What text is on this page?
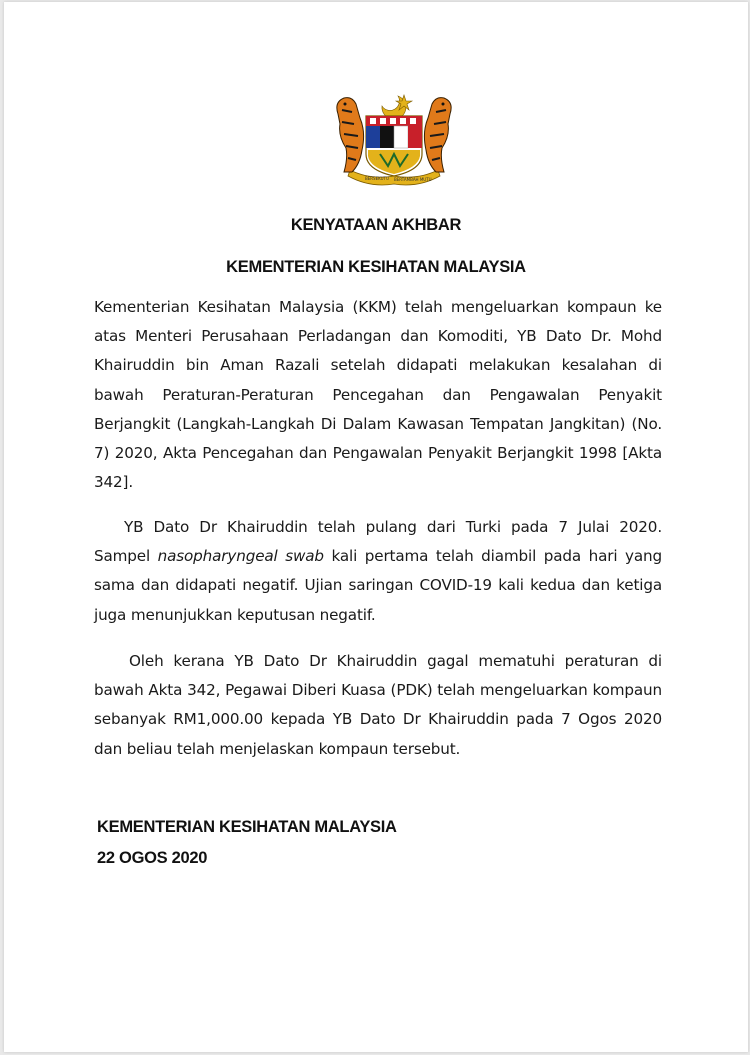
BERSEKUTU BERTAMBAH MUTU
KENYATAAN AKHBAR
KEMENTERIAN KESIHATAN MALAYSIA
Kementerian Kesihatan Malaysia (KKM) telah mengeluarkan kompaun ke atas Menteri Perusahaan Perladangan dan Komoditi, YB Dato Dr. Mohd Khairuddin bin Aman Razali setelah didapati melakukan kesalahan di bawah Peraturan-Peraturan Pencegahan dan Pengawalan Penyakit Berjangkit (Langkah-Langkah Di Dalam Kawasan Tempatan Jangkitan) (No. 7) 2020, Akta Pencegahan dan Pengawalan Penyakit Berjangkit 1998 [Akta 342].
YB Dato Dr Khairuddin telah pulang dari Turki pada 7 Julai 2020. Sampel nasopharyngeal swab kali pertama telah diambil pada hari yang sama dan didapati negatif. Ujian saringan COVID-19 kali kedua dan ketiga juga menunjukkan keputusan negatif.
Oleh kerana YB Dato Dr Khairuddin gagal mematuhi peraturan di bawah Akta 342, Pegawai Diberi Kuasa (PDK) telah mengeluarkan kompaun sebanyak RM1,000.00 kepada YB Dato Dr Khairuddin pada 7 Ogos 2020 dan beliau telah menjelaskan kompaun tersebut.
KEMENTERIAN KESIHATAN MALAYSIA
22 OGOS 2020
